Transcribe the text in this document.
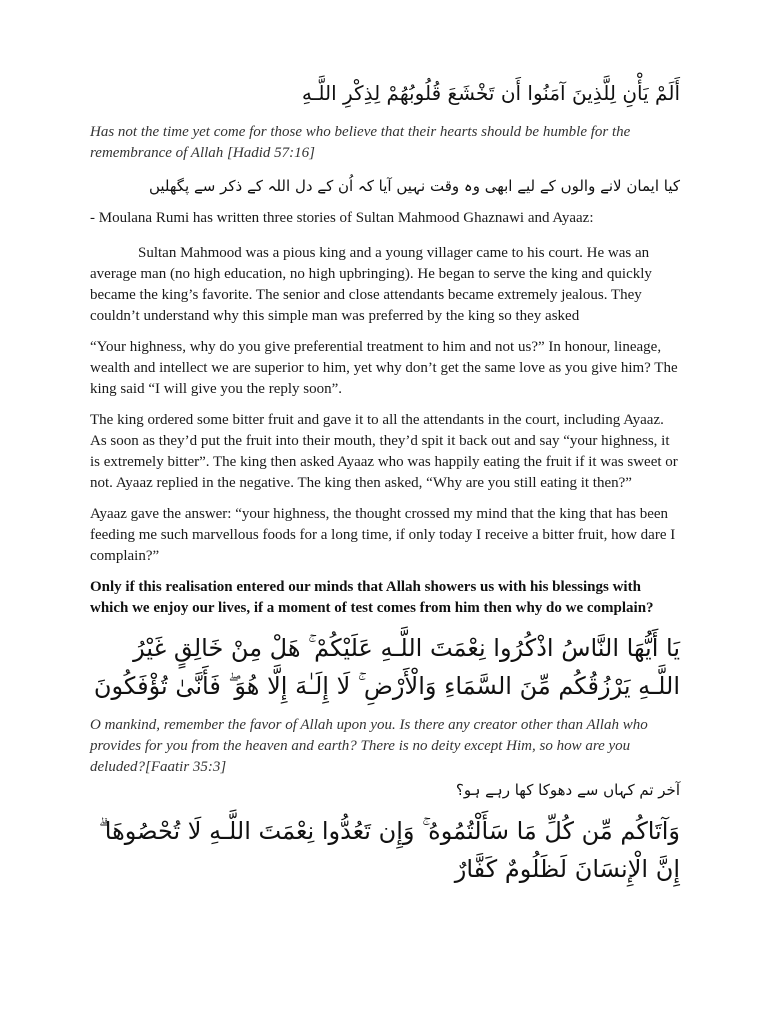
أَلَمْ يَأْنِ لِلَّذِينَ آمَنُوا أَن تَخْشَعَ قُلُوبُهُمْ لِذِكْرِ اللَّـهِ

Has not the time yet come for those who believe that their hearts should be humble for the remembrance of Allah [Hadid 57:16]

کیا ایمان لانے والوں کے لیے ابھی وہ وقت نہیں آیا کہ اُن کے دل اللہ کے ذکر سے پگھلیں

- Moulana Rumi has written three stories of Sultan Mahmood Ghaznawi and Ayaaz:

Sultan Mahmood was a pious king and a young villager came to his court. He was an average man (no high education, no high upbringing). He began to serve the king and quickly became the king’s favorite. The senior and close attendants became extremely jealous. They couldn’t understand why this simple man was preferred by the king so they asked

“Your highness, why do you give preferential treatment to him and not us?” In honour, lineage, wealth and intellect we are superior to him, yet why don’t get the same love as you give him? The king said “I will give you the reply soon”.

The king ordered some bitter fruit and gave it to all the attendants in the court, including Ayaaz. As soon as they’d put the fruit into their mouth, they’d spit it back out and say “your highness, it is extremely bitter”. The king then asked Ayaaz who was happily eating the fruit if it was sweet or not. Ayaaz replied in the negative. The king then asked, “Why are you still eating it then?”

Ayaaz gave the answer: “your highness, the thought crossed my mind that the king that has been feeding me such marvellous foods for a long time, if only today I receive a bitter fruit, how dare I complain?”

Only if this realisation entered our minds that Allah showers us with his blessings with which we enjoy our lives, if a moment of test comes from him then why do we complain?

يَا أَيُّهَا النَّاسُ اذْكُرُوا نِعْمَتَ اللَّـهِ عَلَيْكُمْ ۚ هَلْ مِنْ خَالِقٍ غَيْرُ اللَّـهِ يَرْزُقُكُم مِّنَ السَّمَاءِ وَالْأَرْضِ ۚ لَا إِلَـٰهَ إِلَّا هُوَ ۖ فَأَنَّىٰ تُؤْفَكُونَ

O mankind, remember the favor of Allah upon you. Is there any creator other than Allah who provides for you from the heaven and earth? There is no deity except Him, so how are you deluded?[Faatir 35:3]

آخر تم کہاں سے دھوکا کھا رہے ہو؟
وَآتَاكُم مِّن كُلِّ مَا سَأَلْتُمُوهُ ۚ وَإِن تَعُدُّوا نِعْمَتَ اللَّـهِ لَا تُحْصُوهَا ۗ إِنَّ الْإِنسَانَ لَظَلُومٌ كَفَّارٌ
